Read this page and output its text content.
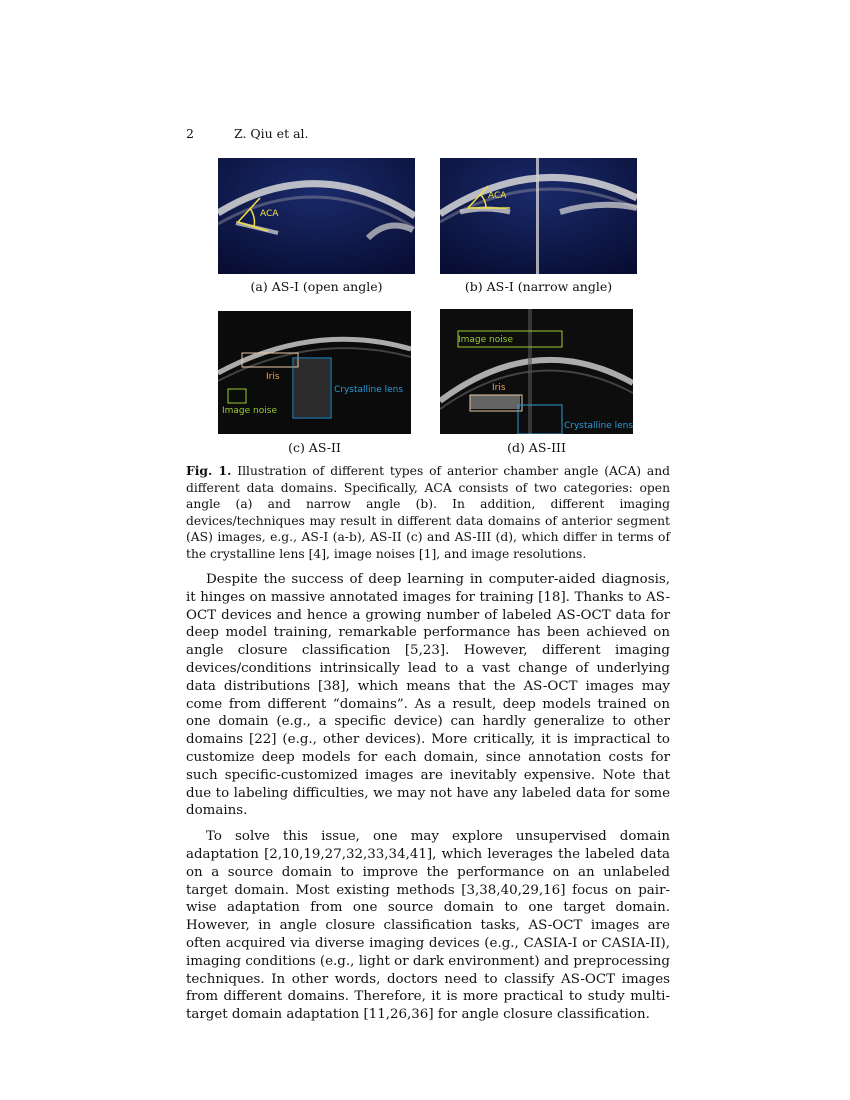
2	Z. Qiu et al.
ACA
(a) AS-I (open angle)
ACA
(b) AS-I (narrow angle)
Iris
Crystalline lens
Image noise
(c) AS-II
Image noise
Iris
Crystalline lens
(d) AS-III
Fig. 1. Illustration of different types of anterior chamber angle (ACA) and different data domains. Specifically, ACA consists of two categories: open angle (a) and narrow angle (b). In addition, different imaging devices/techniques may result in different data domains of anterior segment (AS) images, e.g., AS-I (a-b), AS-II (c) and AS-III (d), which differ in terms of the crystalline lens [4], image noises [1], and image resolutions.

Despite the success of deep learning in computer-aided diagnosis, it hinges on massive annotated images for training [18]. Thanks to AS-OCT devices and hence a growing number of labeled AS-OCT data for deep model training, remarkable performance has been achieved on angle closure classification [5,23]. However, different imaging devices/conditions intrinsically lead to a vast change of underlying data distributions [38], which means that the AS-OCT images may come from different “domains”. As a result, deep models trained on one domain (e.g., a specific device) can hardly generalize to other domains [22] (e.g., other devices). More critically, it is impractical to customize deep models for each domain, since annotation costs for such specific-customized images are inevitably expensive. Note that due to labeling difficulties, we may not have any labeled data for some domains.

To solve this issue, one may explore unsupervised domain adaptation [2,10,19,27,32,33,34,41], which leverages the labeled data on a source domain to improve the performance on an unlabeled target domain. Most existing methods [3,38,40,29,16] focus on pair-wise adaptation from one source domain to one target domain. However, in angle closure classification tasks, AS-OCT images are often acquired via diverse imaging devices (e.g., CASIA-I or CASIA-II), imaging conditions (e.g., light or dark environment) and preprocessing techniques. In other words, doctors need to classify AS-OCT images from different domains. Therefore, it is more practical to study multi-target domain adaptation [11,26,36] for angle closure classification.
